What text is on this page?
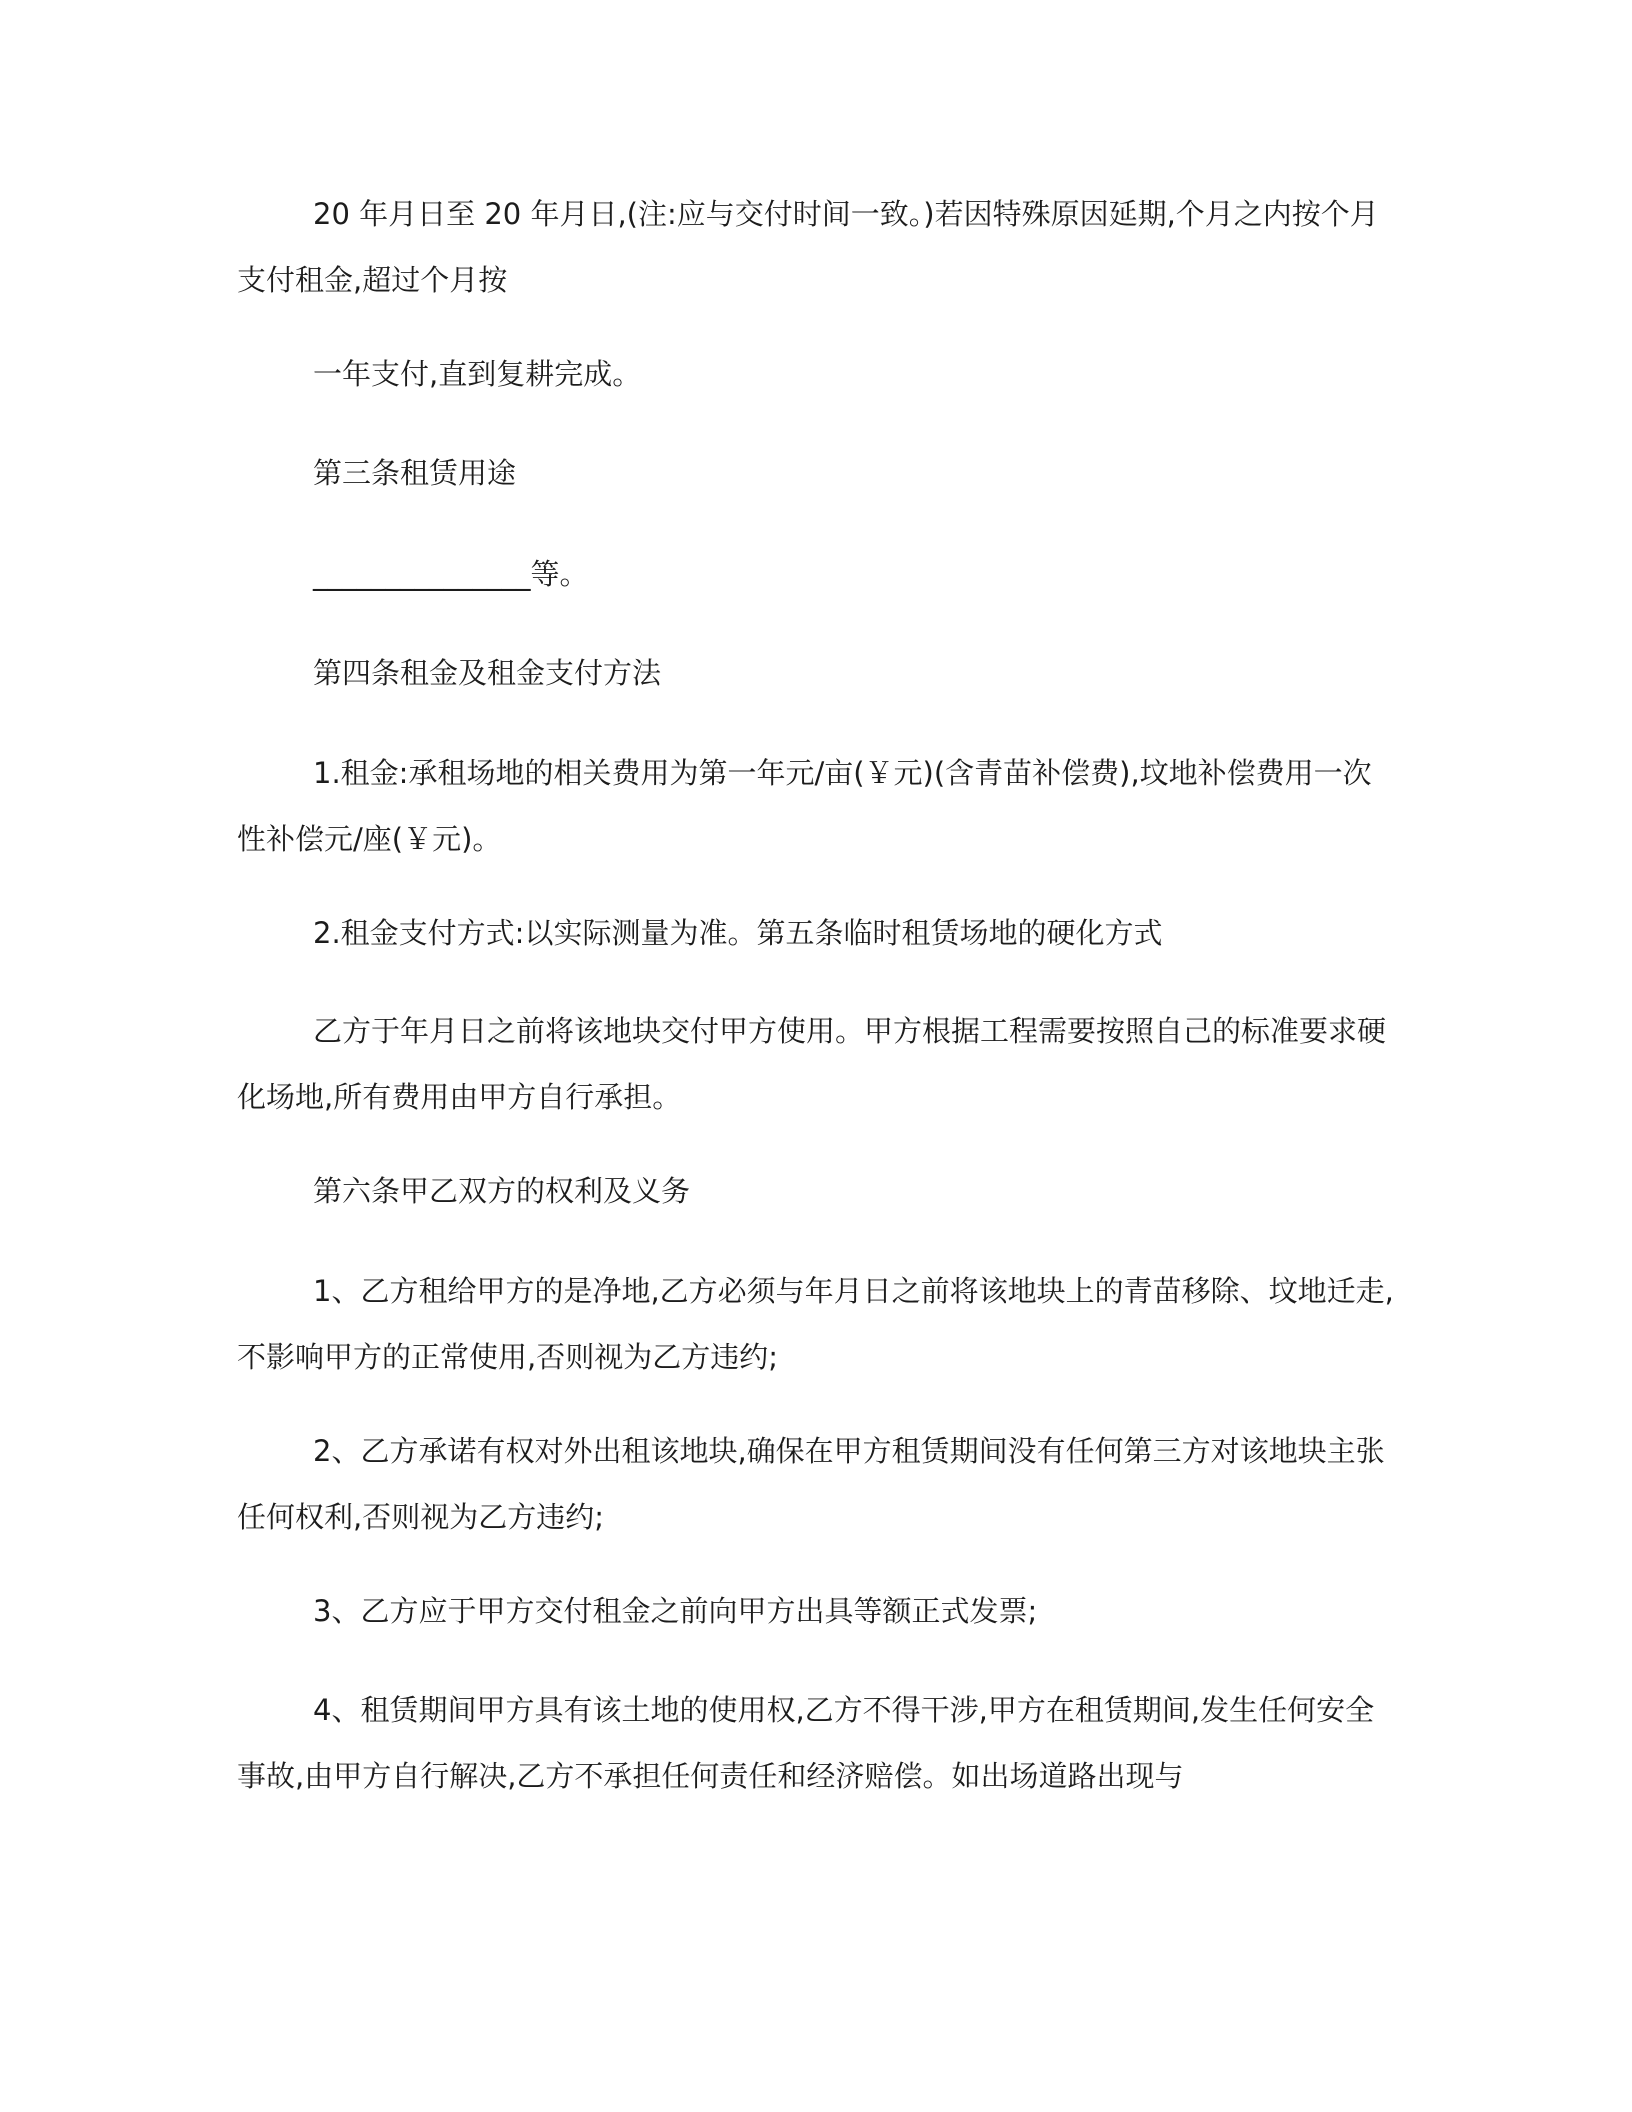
20 年月日至 20 年月日,(注:应与交付时间一致。)若因特殊原因延期,个月之内按个月支付租金,超过个月按

一年支付,直到复耕完成。

第三条租赁用途

_______________等。

第四条租金及租金支付方法

1.租金:承租场地的相关费用为第一年元/亩(￥元)(含青苗补偿费),坟地补偿费用一次性补偿元/座(￥元)。

2.租金支付方式:以实际测量为准。第五条临时租赁场地的硬化方式

乙方于年月日之前将该地块交付甲方使用。甲方根据工程需要按照自己的标准要求硬化场地,所有费用由甲方自行承担。

第六条甲乙双方的权利及义务

1、乙方租给甲方的是净地,乙方必须与年月日之前将该地块上的青苗移除、坟地迁走,不影响甲方的正常使用,否则视为乙方违约;

2、乙方承诺有权对外出租该地块,确保在甲方租赁期间没有任何第三方对该地块主张任何权利,否则视为乙方违约;

3、乙方应于甲方交付租金之前向甲方出具等额正式发票;

4、租赁期间甲方具有该土地的使用权,乙方不得干涉,甲方在租赁期间,发生任何安全事故,由甲方自行解决,乙方不承担任何责任和经济赔偿。如出场道路出现与
